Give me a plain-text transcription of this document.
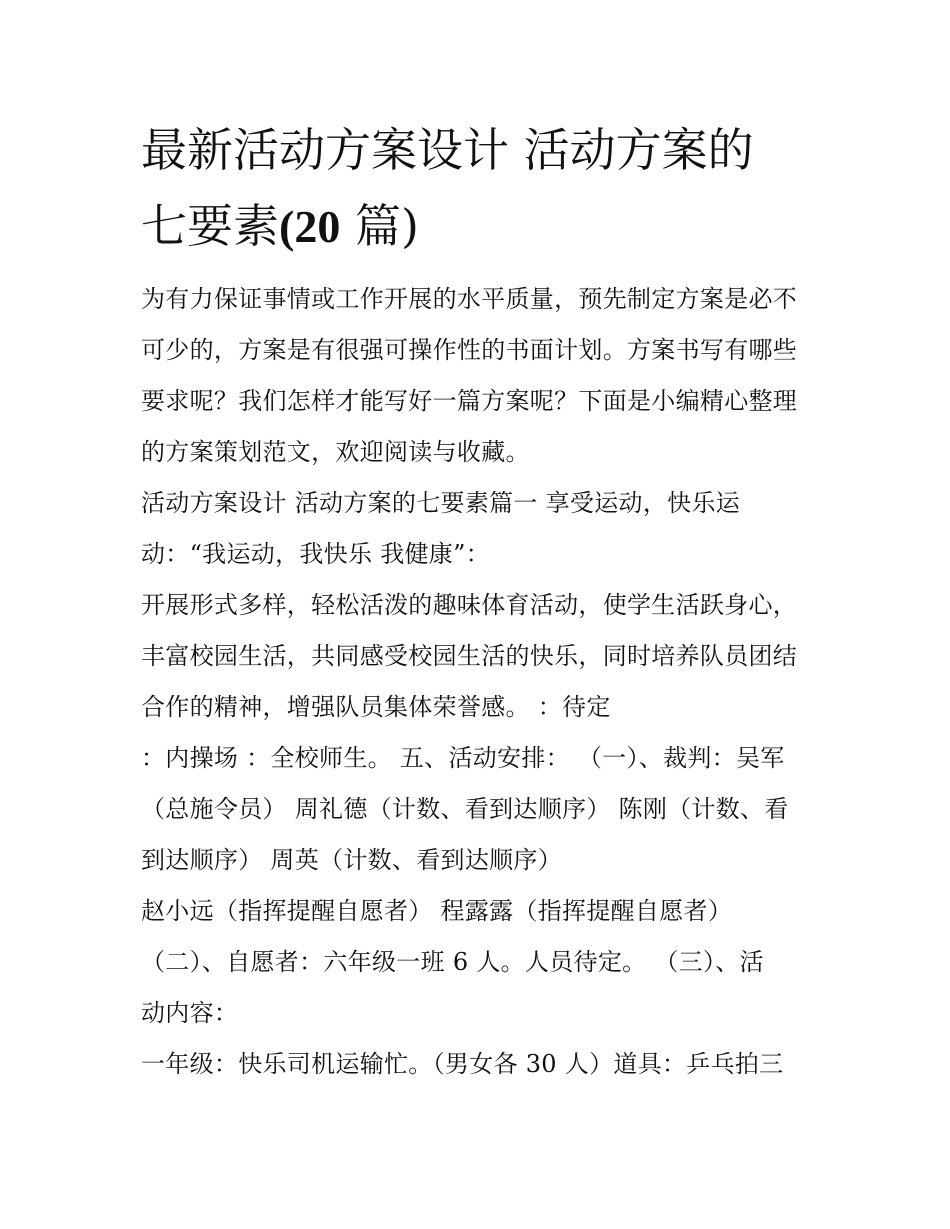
最新活动方案设计 活动方案的
七要素(20 篇)
为有力保证事情或工作开展的水平质量，预先制定方案是必不
可少的，方案是有很强可操作性的书面计划。方案书写有哪些
要求呢？我们怎样才能写好一篇方案呢？下面是小编精心整理
的方案策划范文，欢迎阅读与收藏。
活动方案设计 活动方案的七要素篇一 享受运动，快乐运
动：“我运动，我快乐 我健康”：
开展形式多样，轻松活泼的趣味体育活动，使学生活跃身心，
丰富校园生活，共同感受校园生活的快乐，同时培养队员团结
合作的精神，增强队员集体荣誉感。 ：待定
：内操场 ：全校师生。 五、活动安排： （一）、裁判：吴军
（总施令员） 周礼德（计数、看到达顺序） 陈刚（计数、看
到达顺序） 周英（计数、看到达顺序）
赵小远（指挥提醒自愿者） 程露露（指挥提醒自愿者）
（二）、自愿者：六年级一班 6 人。人员待定。 （三）、活
动内容：
一年级：快乐司机运输忙。（男女各 30 人）道具：乒乓拍三
